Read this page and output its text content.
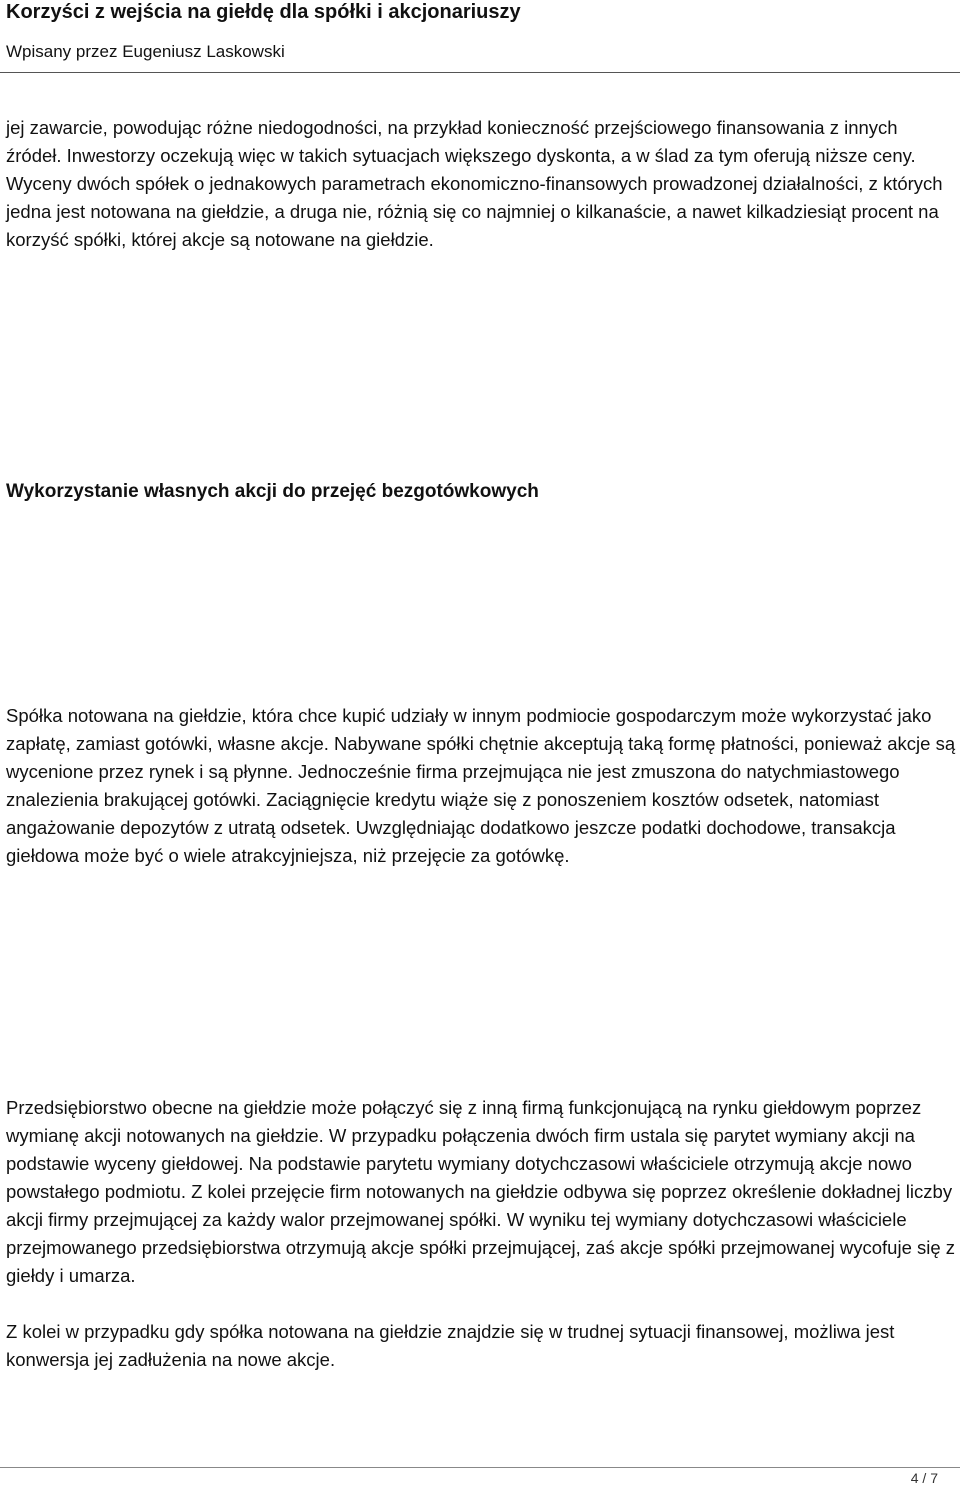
Korzyści z wejścia na giełdę dla spółki i akcjonariuszy
Wpisany przez Eugeniusz Laskowski

jej zawarcie, powodując różne niedogodności, na przykład konieczność przejściowego finansowania z innych źródeł. Inwestorzy oczekują więc w takich sytuacjach większego dyskonta, a w ślad za tym oferują niższe ceny. Wyceny dwóch spółek o jednakowych parametrach ekonomiczno-finansowych prowadzonej działalności, z których jedna jest notowana na giełdzie, a druga nie, różnią się co najmniej o kilkanaście, a nawet kilkadziesiąt procent na korzyść spółki, której akcje są notowane na giełdzie.

Wykorzystanie własnych akcji do przejęć bezgotówkowych

Spółka notowana na giełdzie, która chce kupić udziały w innym podmiocie gospodarczym może wykorzystać jako zapłatę, zamiast gotówki, własne akcje. Nabywane spółki chętnie akceptują taką formę płatności, ponieważ akcje są wycenione przez rynek i są płynne. Jednocześnie firma przejmująca nie jest zmuszona do natychmiastowego znalezienia brakującej gotówki. Zaciągnięcie kredytu wiąże się z ponoszeniem kosztów odsetek, natomiast angażowanie depozytów z utratą odsetek. Uwzględniając dodatkowo jeszcze podatki dochodowe, transakcja giełdowa może być o wiele atrakcyjniejsza, niż przejęcie za gotówkę.

Przedsiębiorstwo obecne na giełdzie może połączyć się z inną firmą funkcjonującą na rynku giełdowym poprzez wymianę akcji notowanych na giełdzie. W przypadku połączenia dwóch firm ustala się parytet wymiany akcji na podstawie wyceny giełdowej. Na podstawie parytetu wymiany dotychczasowi właściciele otrzymują akcje nowo powstałego podmiotu. Z kolei przejęcie firm notowanych na giełdzie odbywa się poprzez określenie dokładnej liczby akcji firmy przejmującej za każdy walor przejmowanej spółki. W wyniku tej wymiany dotychczasowi właściciele przejmowanego przedsiębiorstwa otrzymują akcje spółki przejmującej, zaś akcje spółki przejmowanej wycofuje się z giełdy i umarza.

Z kolei w przypadku gdy spółka notowana na giełdzie znajdzie się w trudnej sytuacji finansowej, możliwa jest konwersja jej zadłużenia na nowe akcje.

4 / 7
